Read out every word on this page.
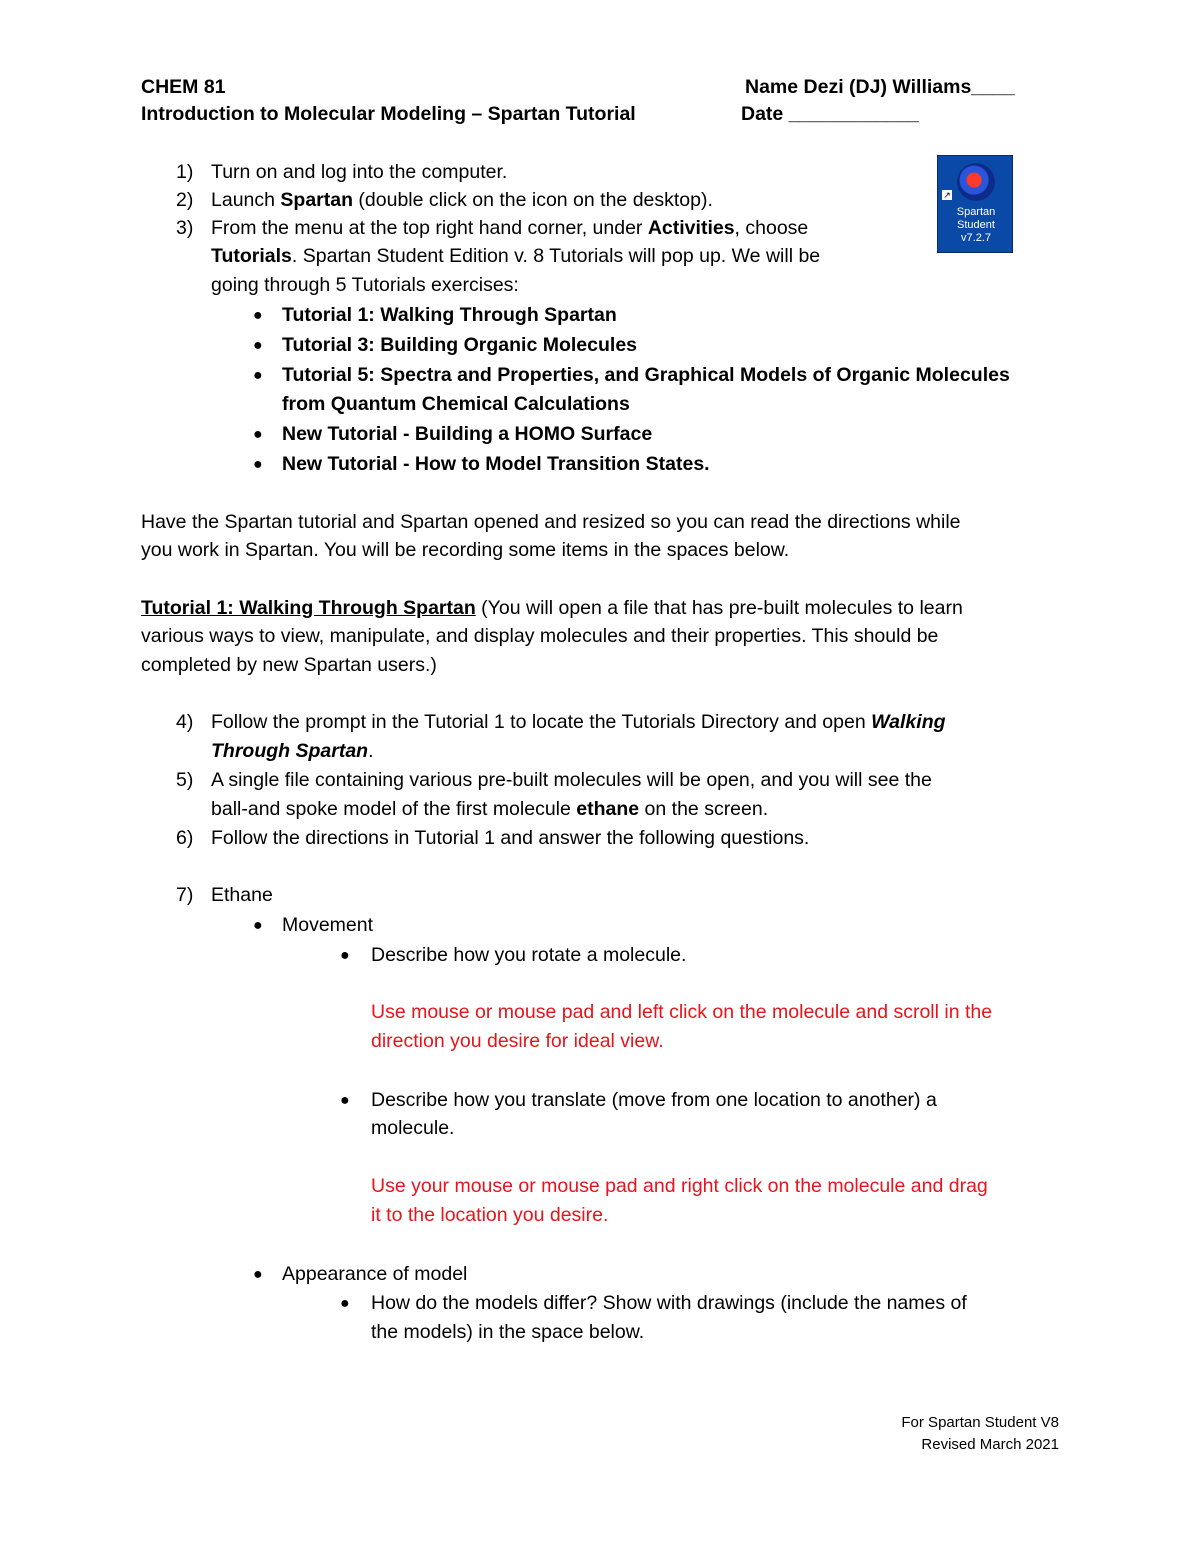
CHEM 81
Introduction to Molecular Modeling – Spartan Tutorial
Name Dezi (DJ) Williams____
Date ____________
↗
Spartan Student
v7.2.7
1) Turn on and log into the computer.
2) Launch Spartan (double click on the icon on the desktop).
3) From the menu at the top right hand corner, under Activities, choose
Tutorials. Spartan Student Edition v. 8 Tutorials will pop up. We will be
going through 5 Tutorials exercises:
● Tutorial 1: Walking Through Spartan
● Tutorial 3: Building Organic Molecules
● Tutorial 5: Spectra and Properties, and Graphical Models of Organic Molecules
from Quantum Chemical Calculations
● New Tutorial - Building a HOMO Surface
● New Tutorial - How to Model Transition States.
Have the Spartan tutorial and Spartan opened and resized so you can read the directions while
you work in Spartan. You will be recording some items in the spaces below.
Tutorial 1: Walking Through Spartan (You will open a file that has pre-built molecules to learn
various ways to view, manipulate, and display molecules and their properties. This should be
completed by new Spartan users.)
4) Follow the prompt in the Tutorial 1 to locate the Tutorials Directory and open Walking
Through Spartan.
5) A single file containing various pre-built molecules will be open, and you will see the
ball-and spoke model of the first molecule ethane on the screen.
6) Follow the directions in Tutorial 1 and answer the following questions.
7) Ethane
● Movement
● Describe how you rotate a molecule.
Use mouse or mouse pad and left click on the molecule and scroll in the
direction you desire for ideal view.
● Describe how you translate (move from one location to another) a
molecule.
Use your mouse or mouse pad and right click on the molecule and drag
it to the location you desire.
● Appearance of model
● How do the models differ? Show with drawings (include the names of
the models) in the space below.
For Spartan Student V8
Revised March 2021
